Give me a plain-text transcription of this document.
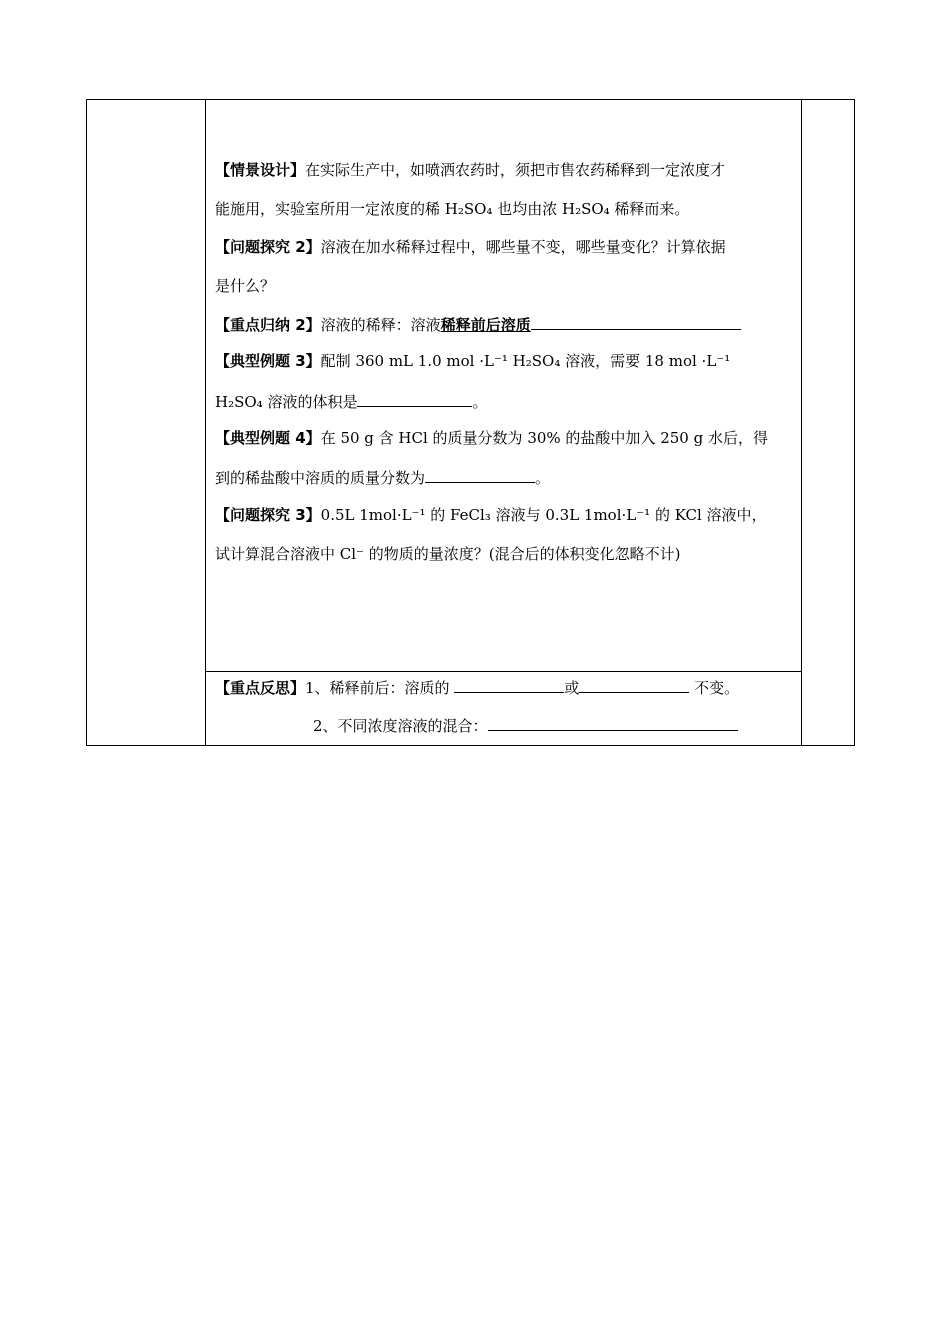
【情景设计】在实际生产中，如喷洒农药时，须把市售农药稀释到一定浓度才
能施用，实验室所用一定浓度的稀 H₂SO₄ 也均由浓 H₂SO₄ 稀释而来。
【问题探究 2】溶液在加水稀释过程中，哪些量不变，哪些量变化？计算依据
是什么？
【重点归纳 2】溶液的稀释：溶液稀释前后溶质
【典型例题 3】配制 360 mL 1.0 mol ·L⁻¹ H₂SO₄ 溶液，需要 18 mol ·L⁻¹
H₂SO₄ 溶液的体积是	。
【典型例题 4】在 50 g 含 HCl 的质量分数为 30% 的盐酸中加入 250 g 水后，得
到的稀盐酸中溶质的质量分数为	。
【问题探究 3】0.5L 1mol·L⁻¹ 的 FeCl₃ 溶液与 0.3L 1mol·L⁻¹ 的 KCl 溶液中，
试计算混合溶液中 Cl⁻ 的物质的量浓度？(混合后的体积变化忽略不计)
【重点反思】1、稀释前后：溶质的	或	不变。
2、不同浓度溶液的混合：
